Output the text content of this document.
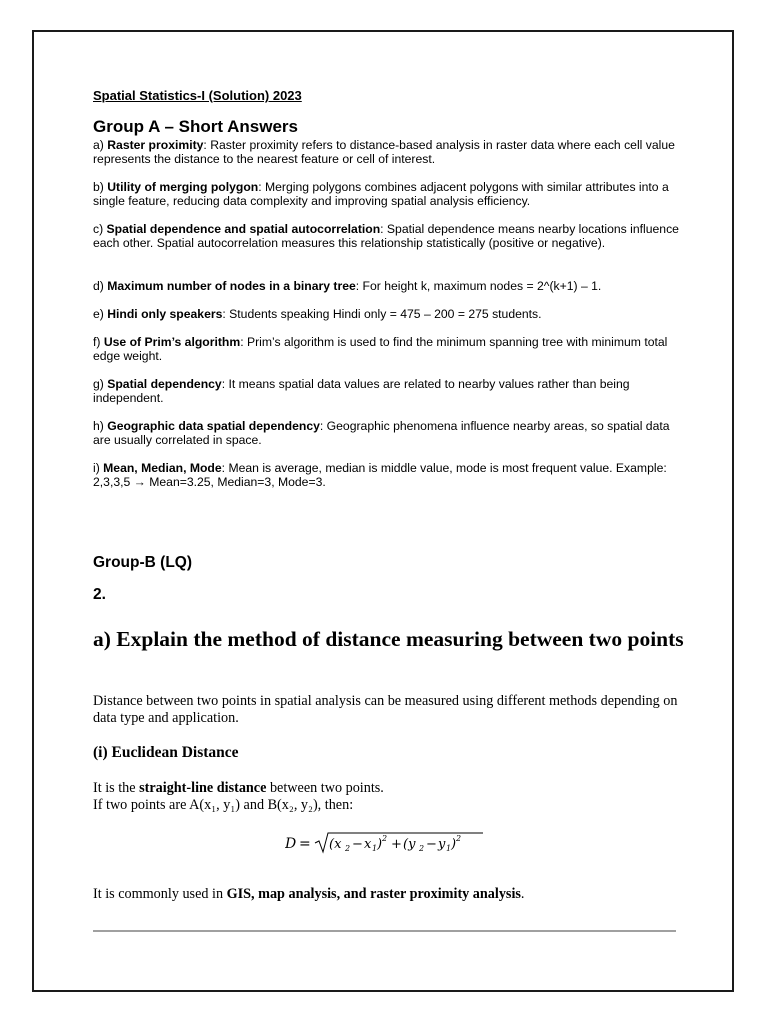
Spatial Statistics-I (Solution) 2023
Group A – Short Answers
a) Raster proximity: Raster proximity refers to distance-based analysis in raster data where each cell value represents the distance to the nearest feature or cell of interest.
b) Utility of merging polygon: Merging polygons combines adjacent polygons with similar attributes into a single feature, reducing data complexity and improving spatial analysis efficiency.
c) Spatial dependence and spatial autocorrelation: Spatial dependence means nearby locations influence each other. Spatial autocorrelation measures this relationship statistically (positive or negative).
d) Maximum number of nodes in a binary tree: For height k, maximum nodes = 2^(k+1) – 1.
e) Hindi only speakers: Students speaking Hindi only = 475 – 200 = 275 students.
f) Use of Prim’s algorithm: Prim’s algorithm is used to find the minimum spanning tree with minimum total edge weight.
g) Spatial dependency: It means spatial data values are related to nearby values rather than being independent.
h) Geographic data spatial dependency: Geographic phenomena influence nearby areas, so spatial data are usually correlated in space.
i) Mean, Median, Mode: Mean is average, median is middle value, mode is most frequent value. Example: 2,3,3,5 → Mean=3.25, Median=3, Mode=3.
Group-B (LQ)
2.
a) Explain the method of distance measuring between two points
Distance between two points in spatial analysis can be measured using different methods depending on data type and application.
(i) Euclidean Distance
It is the straight-line distance between two points.
If two points are A(x₁, y₁) and B(x₂, y₂), then:
D = (x 2 − x 1 ) 2 + (y 2 − y 1 ) 2
It is commonly used in GIS, map analysis, and raster proximity analysis.
